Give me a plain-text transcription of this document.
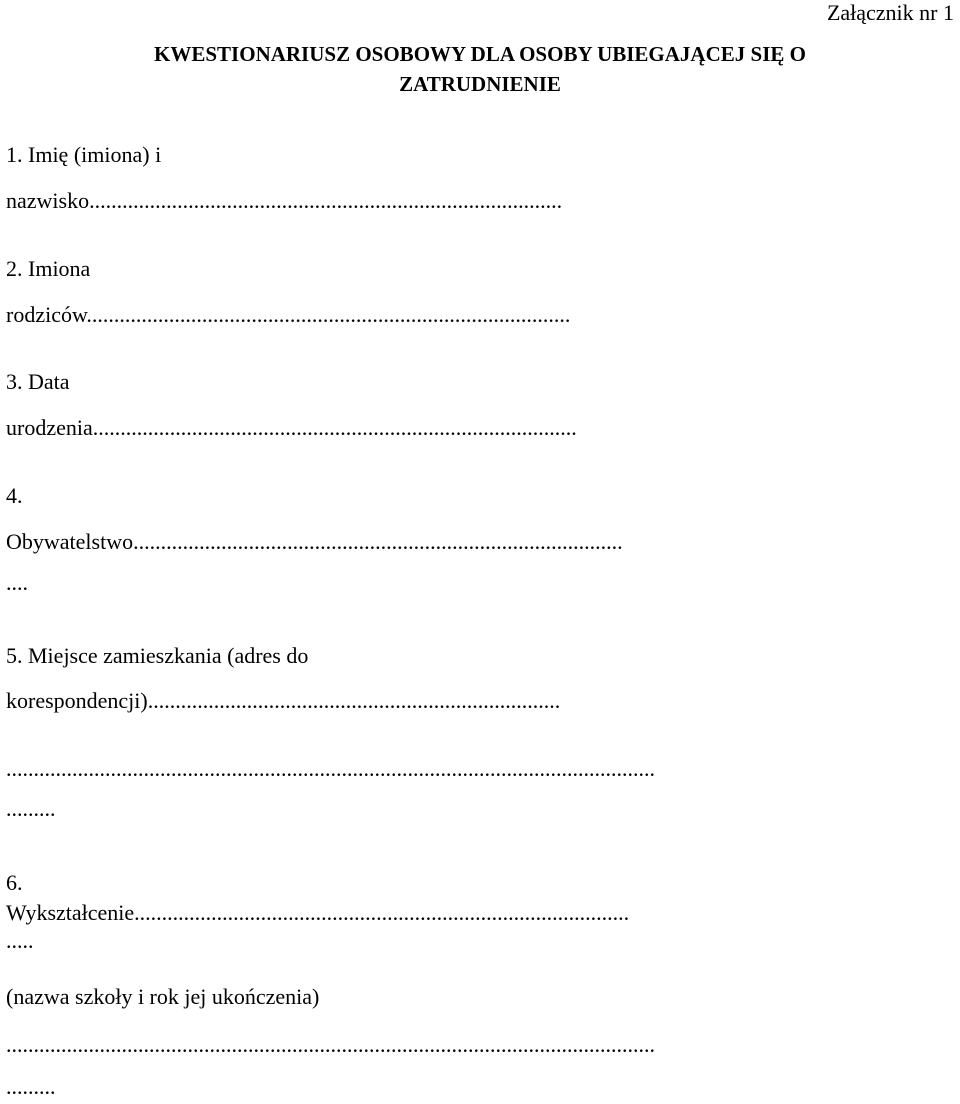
Załącznik nr 1
KWESTIONARIUSZ OSOBOWY DLA OSOBY UBIEGAJĄCEJ SIĘ O
ZATRUDNIENIE
1. Imię (imiona) i
nazwisko......................................................................................
2. Imiona
rodziców........................................................................................
3. Data
urodzenia........................................................................................
4.
Obywatelstwo.........................................................................................
....
5. Miejsce zamieszkania (adres do
korespondencji)...........................................................................
......................................................................................................................
.........
6.
Wykształcenie..........................................................................................
.....
(nazwa szkoły i rok jej ukończenia)
......................................................................................................................
.........
